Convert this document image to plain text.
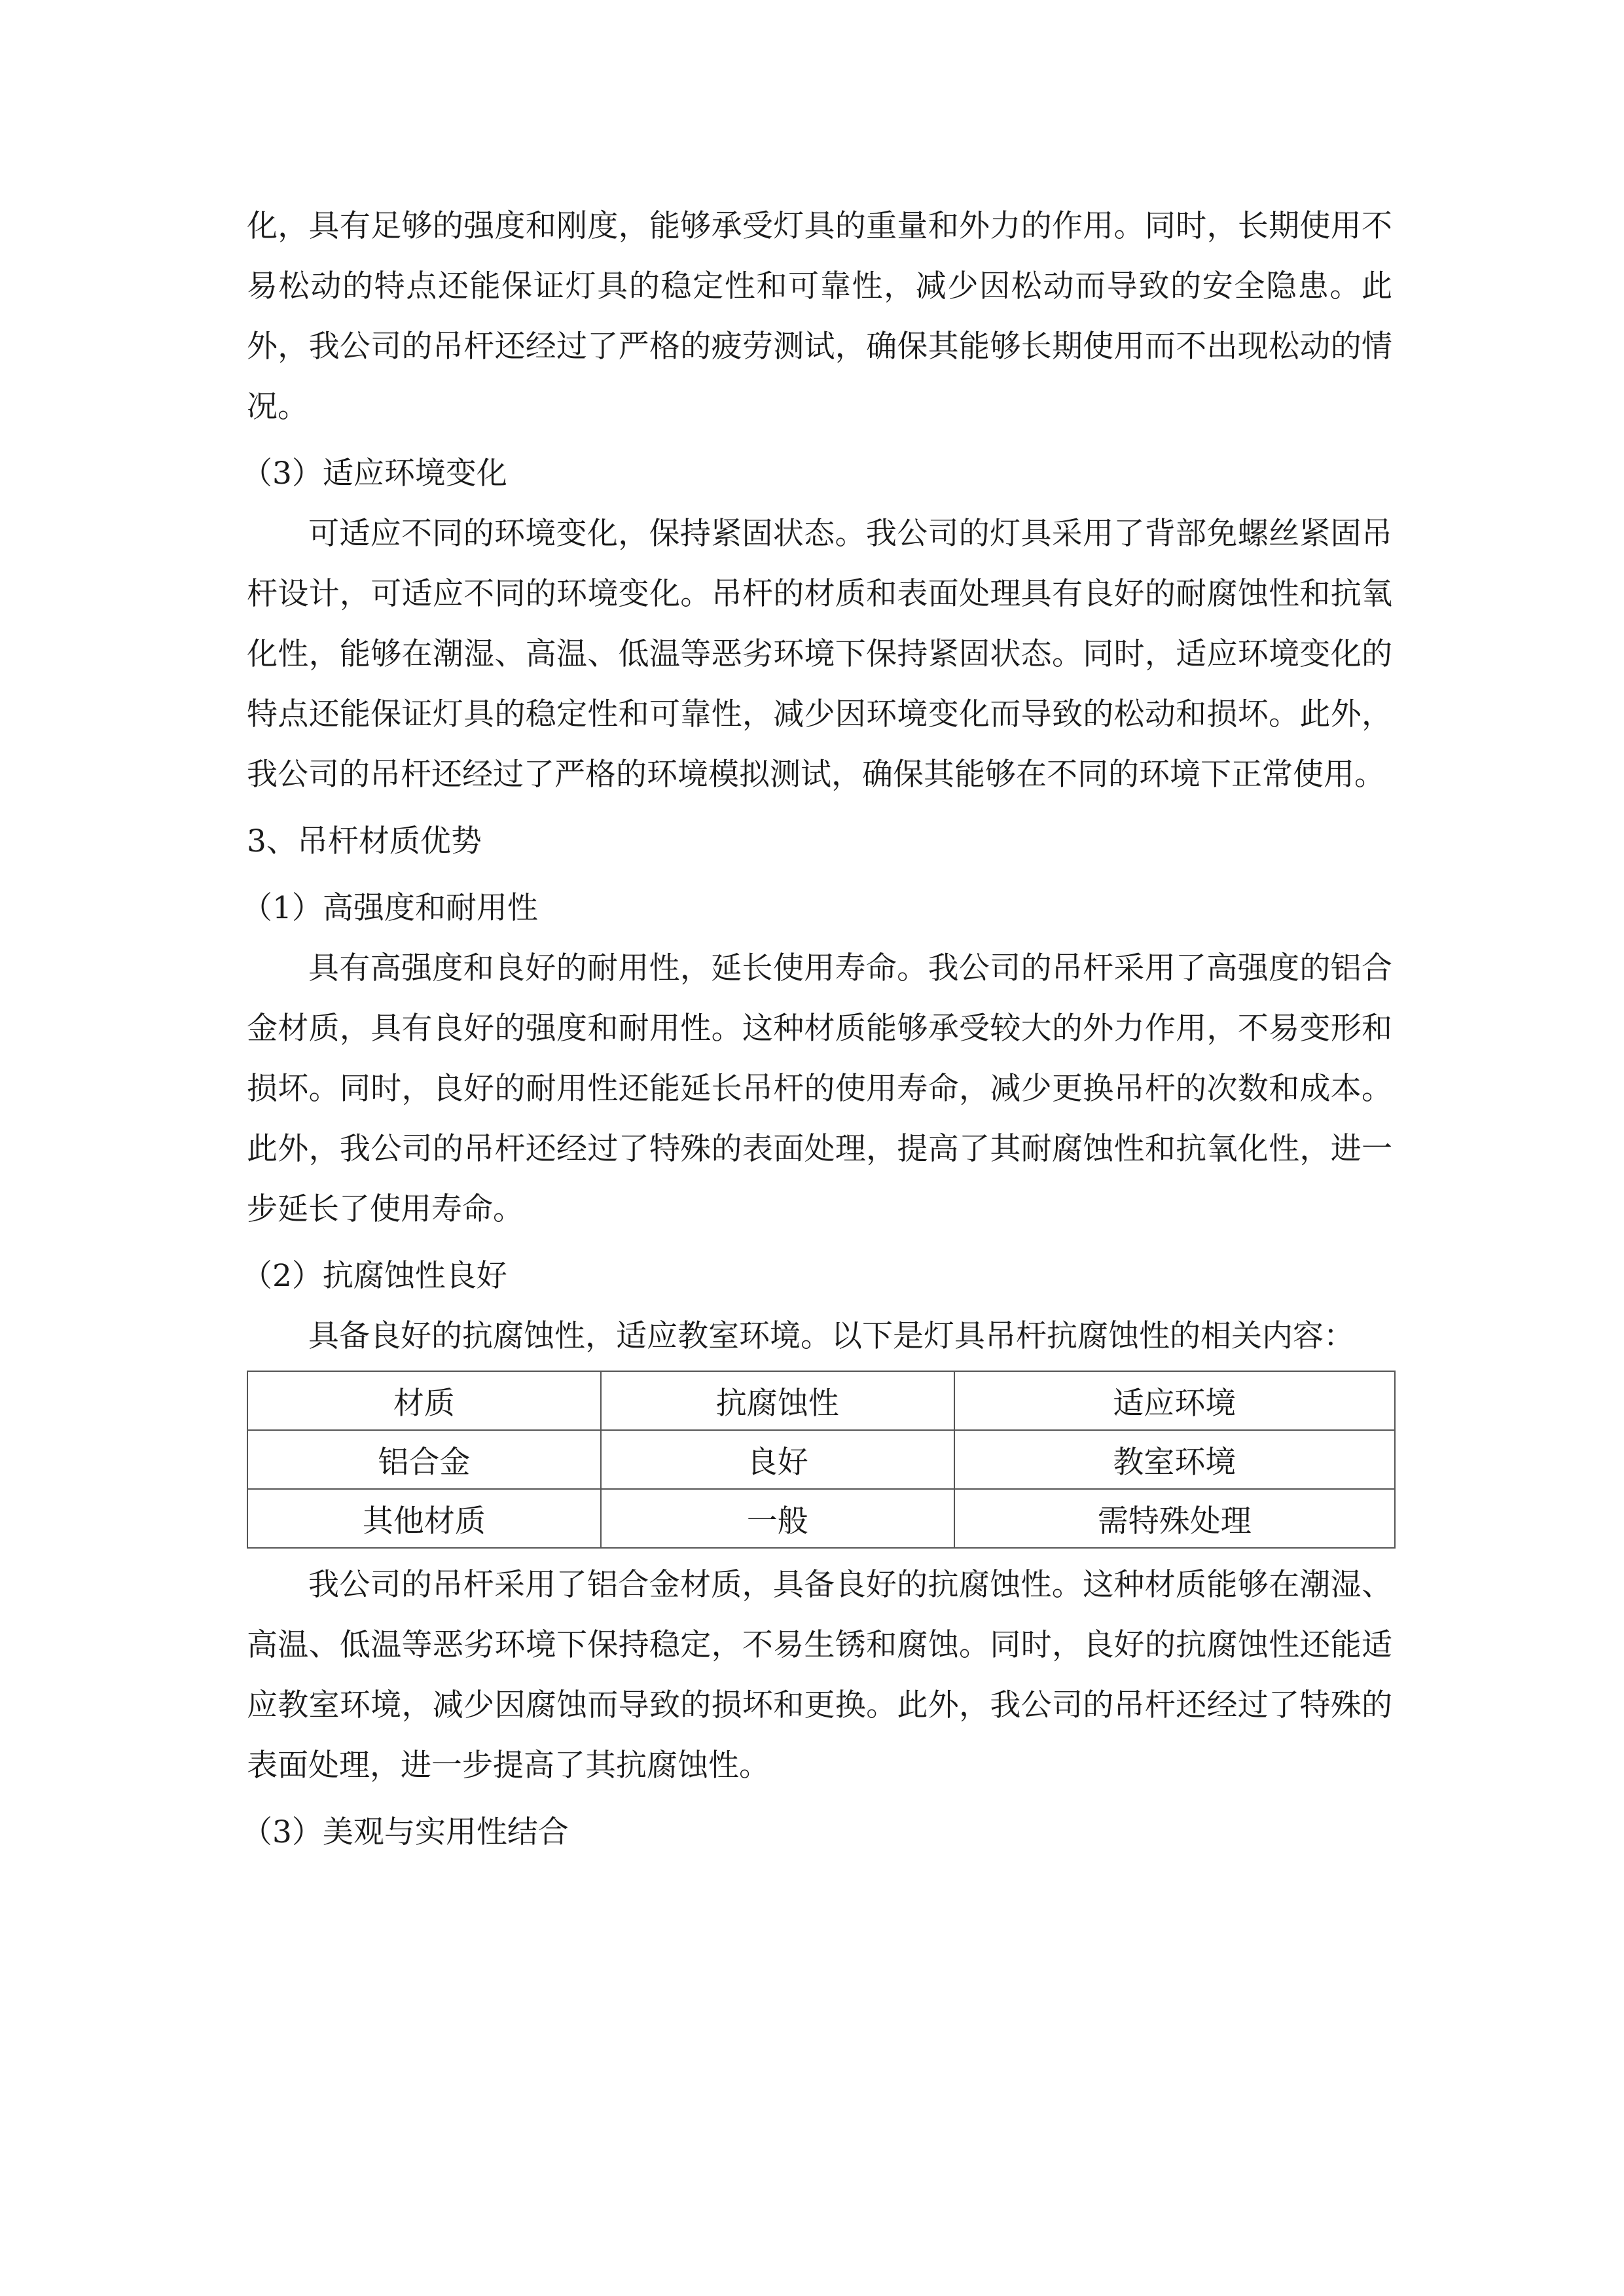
化，具有足够的强度和刚度，能够承受灯具的重量和外力的作用。同时，长期使用不易松动的特点还能保证灯具的稳定性和可靠性，减少因松动而导致的安全隐患。此外，我公司的吊杆还经过了严格的疲劳测试，确保其能够长期使用而不出现松动的情况。

（3）适应环境变化

可适应不同的环境变化，保持紧固状态。我公司的灯具采用了背部免螺丝紧固吊杆设计，可适应不同的环境变化。吊杆的材质和表面处理具有良好的耐腐蚀性和抗氧化性，能够在潮湿、高温、低温等恶劣环境下保持紧固状态。同时，适应环境变化的特点还能保证灯具的稳定性和可靠性，减少因环境变化而导致的松动和损坏。此外，我公司的吊杆还经过了严格的环境模拟测试，确保其能够在不同的环境下正常使用。

3、吊杆材质优势

（1）高强度和耐用性

具有高强度和良好的耐用性，延长使用寿命。我公司的吊杆采用了高强度的铝合金材质，具有良好的强度和耐用性。这种材质能够承受较大的外力作用，不易变形和损坏。同时，良好的耐用性还能延长吊杆的使用寿命，减少更换吊杆的次数和成本。此外，我公司的吊杆还经过了特殊的表面处理，提高了其耐腐蚀性和抗氧化性，进一步延长了使用寿命。

（2）抗腐蚀性良好

具备良好的抗腐蚀性，适应教室环境。以下是灯具吊杆抗腐蚀性的相关内容：

材质	抗腐蚀性	适应环境
铝合金	良好	教室环境
其他材质	一般	需特殊处理

我公司的吊杆采用了铝合金材质，具备良好的抗腐蚀性。这种材质能够在潮湿、高温、低温等恶劣环境下保持稳定，不易生锈和腐蚀。同时，良好的抗腐蚀性还能适应教室环境，减少因腐蚀而导致的损坏和更换。此外，我公司的吊杆还经过了特殊的表面处理，进一步提高了其抗腐蚀性。

（3）美观与实用性结合
